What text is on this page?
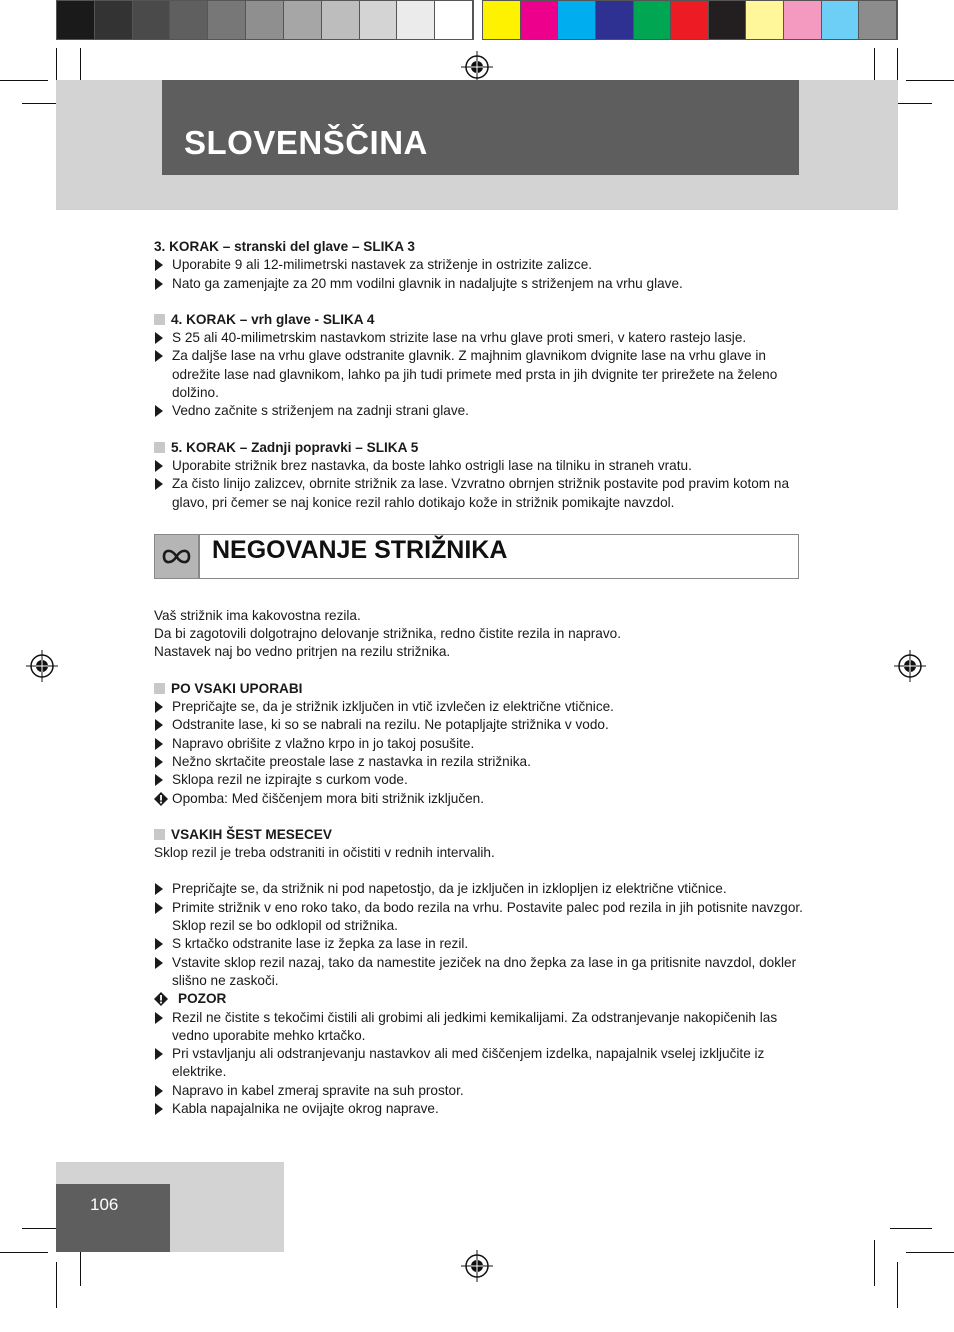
SLOVENŠČINA

3. KORAK – stranski del glave – SLIKA 3

Uporabite 9 ali 12-milimetrski nastavek za striženje in ostrizite zalizce.

Nato ga zamenjajte za 20 mm vodilni glavnik in nadaljujte s striženjem na vrhu glave.

4. KORAK – vrh glave - SLIKA 4

S 25 ali 40-milimetrskim nastavkom strizite lase na vrhu glave proti smeri, v katero rastejo lasje.

Za daljše lase na vrhu glave odstranite glavnik. Z majhnim glavnikom dvignite lase na vrhu glave in odrežite lase nad glavnikom, lahko pa jih tudi primete med prsta in jih dvignite ter prirežete na želeno dolžino.

Vedno začnite s striženjem na zadnji strani glave.

5. KORAK – Zadnji popravki – SLIKA 5

Uporabite strižnik brez nastavka, da boste lahko ostrigli lase na tilniku in straneh vratu.

Za čisto linijo zalizcev, obrnite strižnik za lase. Vzvratno obrnjen strižnik postavite pod pravim kotom na glavo, pri čemer se naj konice rezil rahlo dotikajo kože in strižnik pomikajte navzdol.

NEGOVANJE STRIŽNIKA

Vaš strižnik ima kakovostna rezila.

Da bi zagotovili dolgotrajno delovanje strižnika, redno čistite rezila in napravo.

Nastavek naj bo vedno pritrjen na rezilu strižnika.

PO VSAKI UPORABI

Prepričajte se, da je strižnik izključen in vtič izvlečen iz električne vtičnice.

Odstranite lase, ki so se nabrali na rezilu. Ne potapljajte strižnika v vodo.

Napravo obrišite z vlažno krpo in jo takoj posušite.

Nežno skrtačite preostale lase z nastavka in rezila strižnika.

Sklopa rezil ne izpirajte s curkom vode.

Opomba: Med čiščenjem mora biti strižnik izključen.

VSAKIH ŠEST MESECEV

Sklop rezil je treba odstraniti in očistiti v rednih intervalih.

Prepričajte se, da strižnik ni pod napetostjo, da je izključen in izklopljen iz električne vtičnice.

Primite strižnik v eno roko tako, da bodo rezila na vrhu. Postavite palec pod rezila in jih potisnite navzgor. Sklop rezil se bo odklopil od strižnika.

S krtačko odstranite lase iz žepka za lase in rezil.

Vstavite sklop rezil nazaj, tako da namestite jeziček na dno žepka za lase in ga pritisnite navzdol, dokler slišno ne zaskoči.

POZOR

Rezil ne čistite s tekočimi čistili ali grobimi ali jedkimi kemikalijami. Za odstranjevanje nakopičenih las vedno uporabite mehko krtačko.

Pri vstavljanju ali odstranjevanju nastavkov ali med čiščenjem izdelka, napajalnik vselej izključite iz elektrike.

Napravo in kabel zmeraj spravite na suh prostor.

Kabla napajalnika ne ovijajte okrog naprave.

106
